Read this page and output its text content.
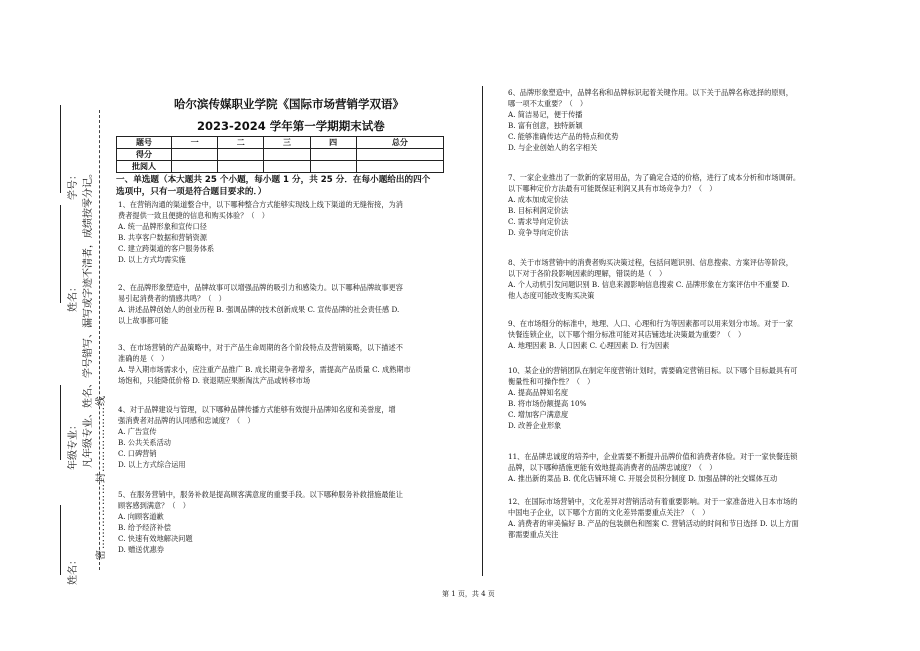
姓名：
年级专业：
姓名：
学号： 凡年级专业、姓名、学号错写、漏写或字迹不清者，成绩按零分记。
密………………封………………线
哈尔滨传媒职业学院《国际市场营销学双语》
2023-2024 学年第一学期期末试卷
题号	一	二	三	四	总分
得分					
批阅人					
一、单选题（本大题共 25 个小题，每小题 1 分，共 25 分．在每小题给出的四个
选项中，只有一项是符合题目要求的．）
1、在营销沟通的渠道整合中，以下哪种整合方式能够实现线上线下渠道的无缝衔接，为消
费者提供一致且便捷的信息和购买体验？（　）
A. 统一品牌形象和宣传口径
B. 共享客户数据和营销资源
C. 建立跨渠道的客户服务体系
D. 以上方式均需实施
2、在品牌形象塑造中，品牌故事可以增强品牌的吸引力和感染力。以下哪种品牌故事更容
易引起消费者的情感共鸣？（　）
A. 讲述品牌创始人的创业历程 B. 强调品牌的技术创新成果 C. 宣传品牌的社会责任感 D.
以上故事都可能
3、在市场营销的产品策略中，对于产品生命周期的各个阶段特点及营销策略，以下描述不
准确的是（　）
A. 导入期市场需求小，应注重产品推广 B. 成长期竞争者增多，需提高产品质量 C. 成熟期市
场饱和，只能降低价格 D. 衰退期应果断淘汰产品或转移市场
4、对于品牌建设与管理，以下哪种品牌传播方式能够有效提升品牌知名度和美誉度，增
强消费者对品牌的认同感和忠诚度？（　）
A. 广告宣传
B. 公共关系活动
C. 口碑营销
D. 以上方式综合运用
5、在服务营销中，服务补救是提高顾客满意度的重要手段。以下哪种服务补救措施最能让
顾客感到满意？（　）
A. 向顾客道歉
B. 给予经济补偿
C. 快速有效地解决问题
D. 赠送优惠券
6、品牌形象塑造中，品牌名称和品牌标识起着关键作用。以下关于品牌名称选择的原则，
哪一项不太重要？（　）
A. 简洁易记，便于传播
B. 富有创意，独特新颖
C. 能够准确传达产品的特点和优势
D. 与企业创始人的名字相关
7、一家企业推出了一款新的家居用品，为了确定合适的价格，进行了成本分析和市场调研。
以下哪种定价方法最有可能既保证利润又具有市场竞争力？（　）
A. 成本加成定价法
B. 目标利润定价法
C. 需求导向定价法
D. 竞争导向定价法
8、关于市场营销中的消费者购买决策过程，包括问题识别、信息搜索、方案评估等阶段，
以下对于各阶段影响因素的理解，错误的是（　）
A. 个人动机引发问题识别 B. 信息来源影响信息搜索 C. 品牌形象在方案评估中不重要 D.
他人态度可能改变购买决策
9、在市场细分的标准中，地理、人口、心理和行为等因素都可以用来划分市场。对于一家
快餐连锁企业，以下哪个细分标准可能对其店铺选址决策最为重要？（　）
A. 地理因素 B. 人口因素 C. 心理因素 D. 行为因素
10、某企业的营销团队在制定年度营销计划时，需要确定营销目标。以下哪个目标最具有可
衡量性和可操作性？（　）
A. 提高品牌知名度
B. 将市场份额提高 10%
C. 增加客户满意度
D. 改善企业形象
11、在品牌忠诚度的培养中，企业需要不断提升品牌价值和消费者体验。对于一家快餐连锁
品牌，以下哪种措施更能有效地提高消费者的品牌忠诚度？（　）
A. 推出新的菜品 B. 优化店铺环境 C. 开展会员积分制度 D. 加强品牌的社交媒体互动
12、在国际市场营销中，文化差异对营销活动有着重要影响。对于一家准备进入日本市场的
中国电子企业，以下哪个方面的文化差异需要重点关注？（　）
A. 消费者的审美偏好 B. 产品的包装颜色和图案 C. 营销活动的时间和节日选择 D. 以上方面
都需要重点关注
第 1 页，共 4 页
